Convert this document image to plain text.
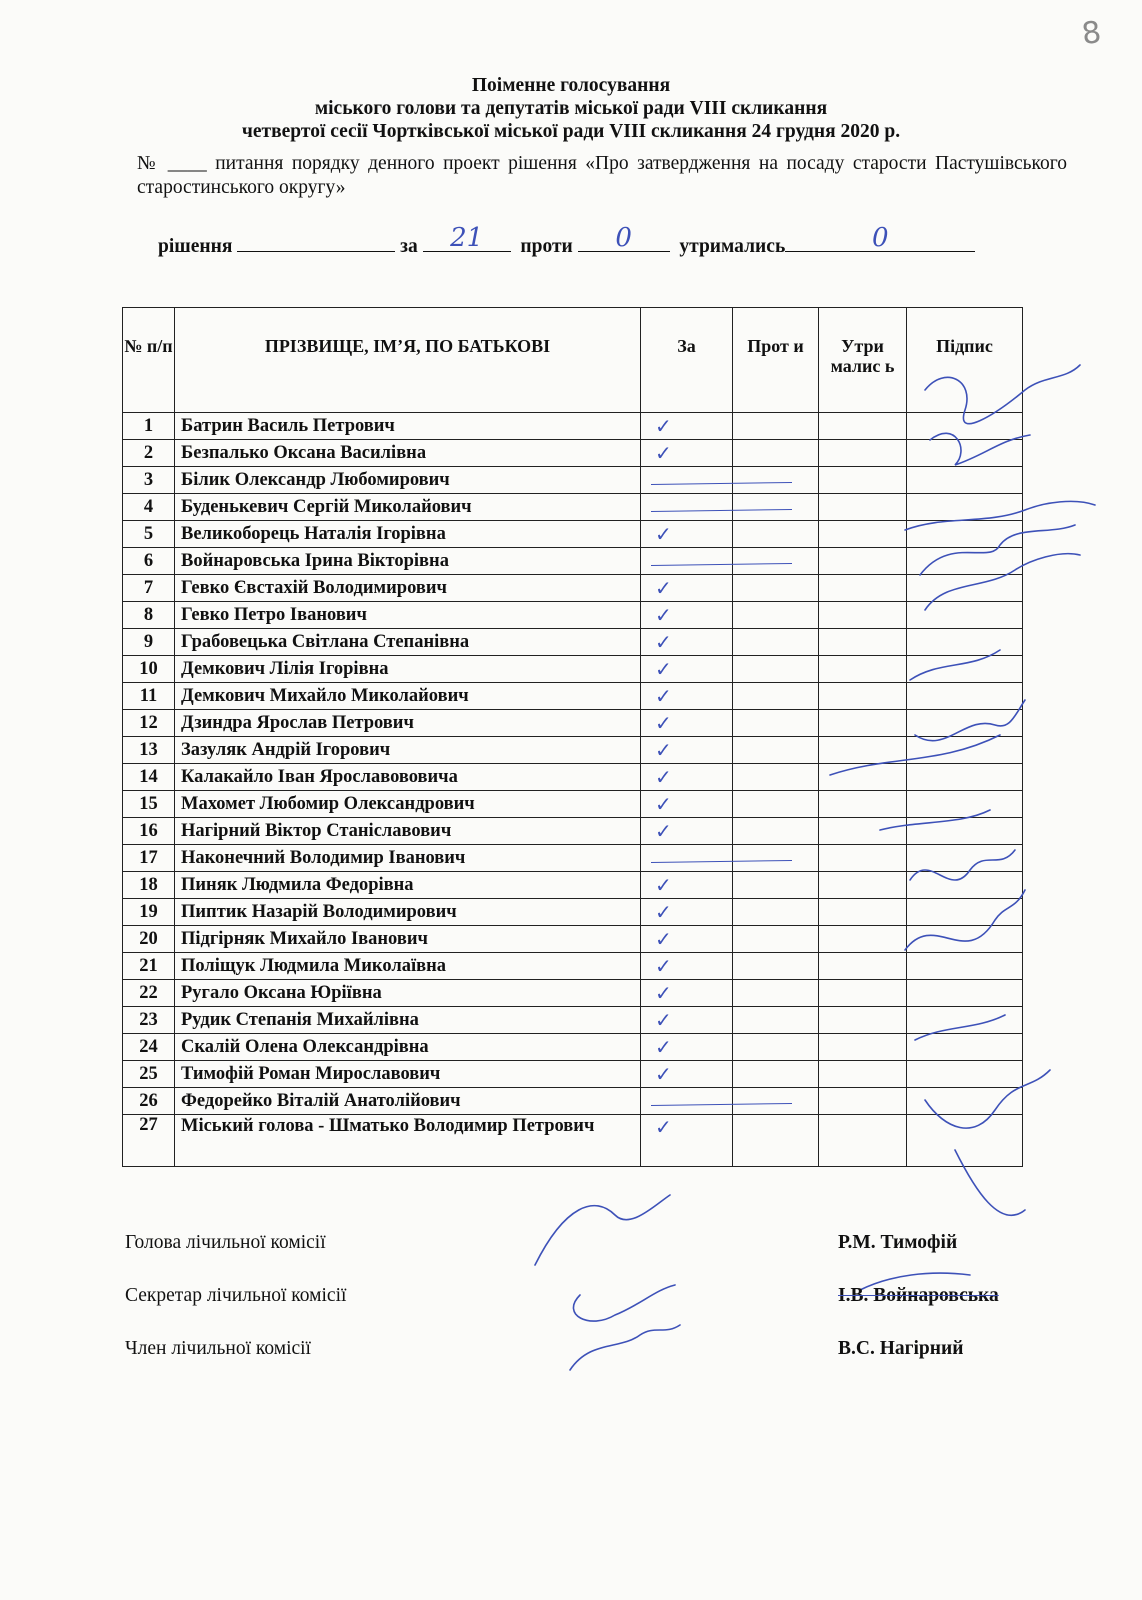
8
Поіменне голосування
міського голови та депутатів міської ради VIII скликання
четвертої сесії Чортківської міської ради VIII скликання 24 грудня 2020 р.
№ ____ питання порядку денного проект рішення «Про затвердження на посаду старости Пастушівського старостинського округу»
рішення	за	21	проти	0	утримались	0
№ п/п	ПРІЗВИЩЕ, ІМ’Я, ПО БАТЬКОВІ	За	Прот и	Утри малис ь	Підпис
1	Батрин Василь Петрович	✓			
2	Безпалько Оксана Василівна	✓			
3	Білик Олександр Любомирович				
4	Буденькевич Сергій Миколайович				
5	Великоборець Наталія Ігорівна	✓			
6	Войнаровська Ірина Вікторівна				
7	Гевко Євстахій Володимирович	✓			
8	Гевко Петро Іванович	✓			
9	Грабовецька Світлана Степанівна	✓			
10	Демкович Лілія Ігорівна	✓			
11	Демкович Михайло Миколайович	✓			
12	Дзиндра Ярослав Петрович	✓			
13	Зазуляк Андрій Ігорович	✓			
14	Калакайло Іван Ярославововича	✓			
15	Махомет Любомир Олександрович	✓			
16	Нагірний Віктор Станіславович	✓			
17	Наконечний Володимир Іванович				
18	Пиняк Людмила Федорівна	✓			
19	Пиптик Назарій Володимирович	✓			
20	Підгірняк Михайло Іванович	✓			
21	Поліщук Людмила Миколаївна	✓			
22	Ругало Оксана Юріївна	✓			
23	Рудик Степанія Михайлівна	✓			
24	Скалій Олена Олександрівна	✓			
25	Тимофій Роман Мирославович	✓			
26	Федорейко Віталій Анатолійович				
27	Міський голова - Шматько Володимир Петрович	✓			
Голова лічильної комісії	Р.М. Тимофій
Секретар лічильної комісії	І.В. Войнаровська
Член лічильної комісії	В.С. Нагірний
